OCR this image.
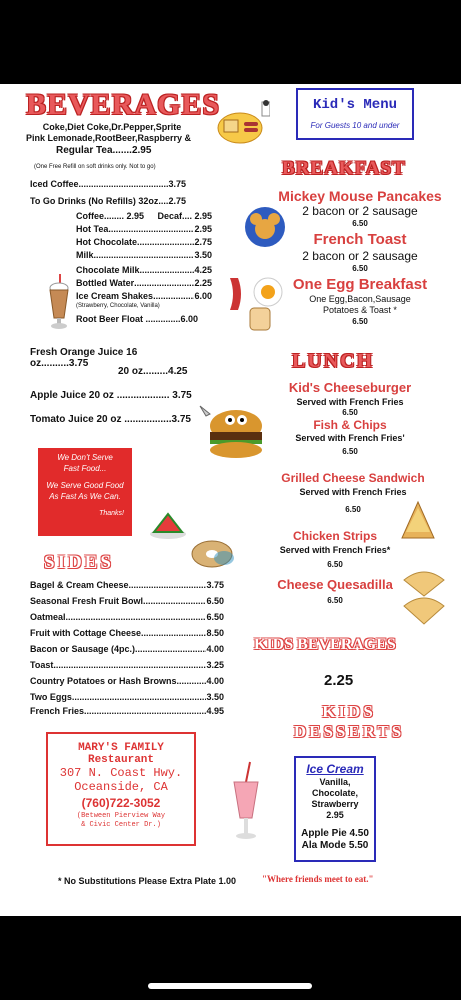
BEVERAGES
Coke,Diet Coke,Dr.Pepper,Sprite
Pink Lemonade,RootBeer,Raspberry &
Regular Tea.......2.95
(One Free Refill on soft drinks only. Not to go)
Iced Coffee .....	3.75
To Go Drinks (No Refills) 32oz ..... 2.75
Coffee........ 2.95 Decaf.... 2.95
Hot Tea .....	2.95
Hot Chocolate .....	2.75
Milk .....	3.50
Chocolate Milk .....	4.25
Bottled Water .....	2.25
Ice Cream Shakes .....	6.00
(Strawberry, Chocolate, Vanilla)
Root Beer Float ..............6.00
Fresh Orange Juice 16 oz..........3.75
20 oz.........4.25
Apple Juice 20 oz ................... 3.75
Tomato Juice 20 oz .................3.75
We Don't Serve
Fast Food...
We Serve Good Food
As Fast As We Can.
Thanks!
SIDES
Bagel & Cream Cheese .....	3.75
Seasonal Fresh Fruit Bowl .....	6.50
Oatmeal .....	6.50
Fruit with Cottage Cheese .....	8.50
Bacon or Sausage (4pc.) .....	4.00
Toast .....	3.25
Country Potatoes or Hash Browns .....	4.00
Two Eggs .....	3.50
French Fries .....	4.95
MARY'S FAMILY
Restaurant
307 N. Coast Hwy.
Oceanside, CA
(760)722-3052
(Between Pierview Way
& Civic Center Dr.)
* No Substitutions Please Extra Plate 1.00
Kid's Menu
For Guests 10 and under
BREAKFAST
Mickey Mouse Pancakes
2 bacon or 2 sausage
6.50
French Toast
2 bacon or 2 sausage
6.50
One Egg Breakfast
One Egg,Bacon,Sausage
Potatoes & Toast *
6.50
LUNCH
Kid's Cheeseburger
Served with French Fries
6.50
Fish & Chips
Served with French Fries'
6.50
Grilled Cheese Sandwich
Served with French Fries
6.50
Chicken Strips
Served with French Fries*
6.50
Cheese Quesadilla
6.50
KIDS BEVERAGES
2.25
KIDS
DESSERTS
Ice Cream
Vanilla, Chocolate,
Strawberry
2.95
Apple Pie 4.50
Ala Mode 5.50
"Where friends meet to eat."
